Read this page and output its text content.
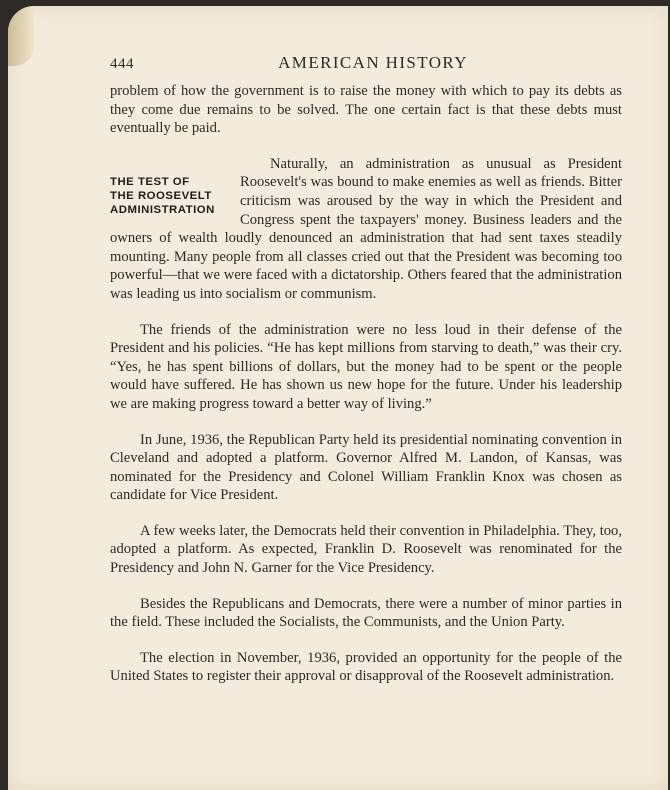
444	AMERICAN HISTORY

problem of how the government is to raise the money with which to pay its debts as they come due remains to be solved. The one certain fact is that these debts must eventually be paid.

THE TEST OF
THE ROOSEVELT
ADMINISTRATION

Naturally, an administration as unusual as President Roosevelt's was bound to make enemies as well as friends. Bitter criticism was aroused by the way in which the President and Congress spent the taxpayers' money. Business leaders and the owners of wealth loudly denounced an administration that had sent taxes steadily mounting. Many people from all classes cried out that the President was becoming too powerful—that we were faced with a dictatorship. Others feared that the administration was leading us into socialism or communism.

The friends of the administration were no less loud in their defense of the President and his policies. “He has kept millions from starving to death,” was their cry. “Yes, he has spent billions of dollars, but the money had to be spent or the people would have suffered. He has shown us new hope for the future. Under his leadership we are making progress toward a better way of living.”

In June, 1936, the Republican Party held its presidential nominating convention in Cleveland and adopted a platform. Governor Alfred M. Landon, of Kansas, was nominated for the Presidency and Colonel William Franklin Knox was chosen as candidate for Vice President.

A few weeks later, the Democrats held their convention in Philadelphia. They, too, adopted a platform. As expected, Franklin D. Roosevelt was renominated for the Presidency and John N. Garner for the Vice Presidency.

Besides the Republicans and Democrats, there were a number of minor parties in the field. These included the Socialists, the Communists, and the Union Party.

The election in November, 1936, provided an opportunity for the people of the United States to register their approval or disapproval of the Roosevelt administration.
